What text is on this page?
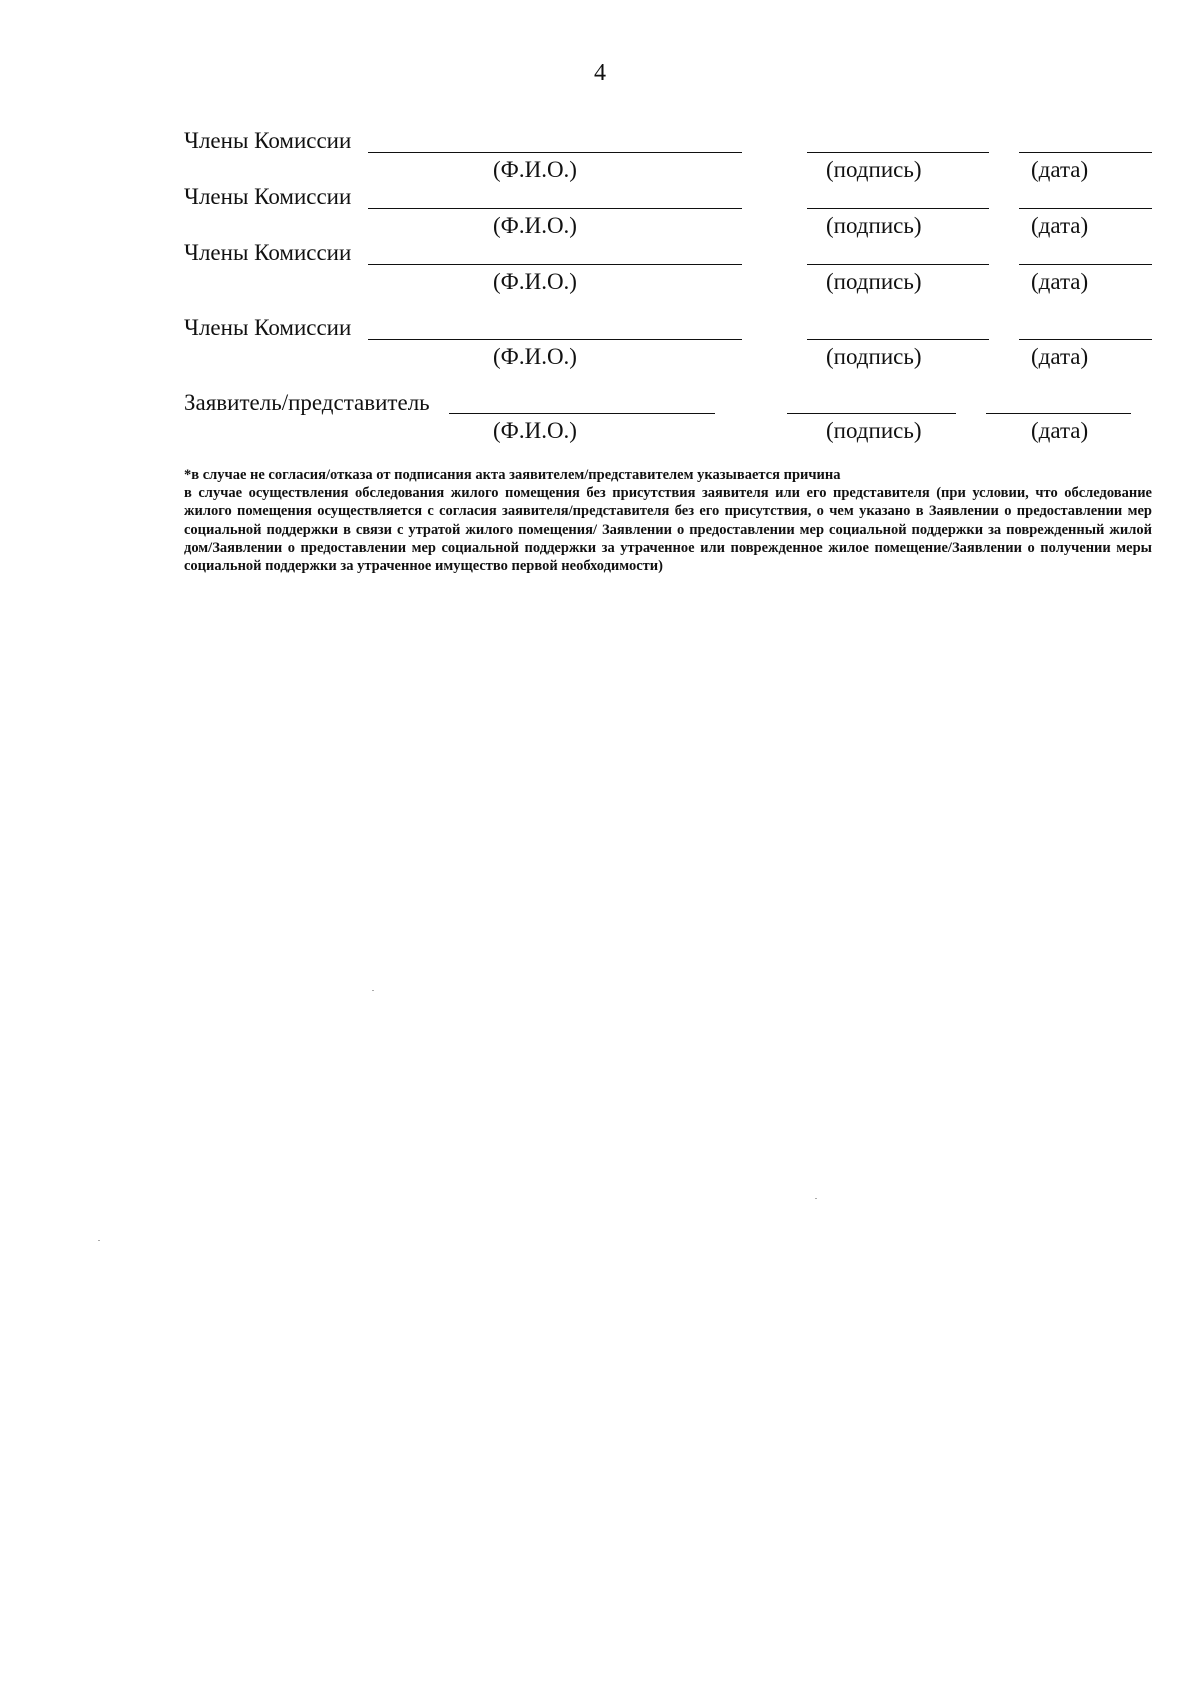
4
Члены Комиссии
(Ф.И.О.)	(подпись)	(дата)
Члены Комиссии
(Ф.И.О.)	(подпись)	(дата)
Члены Комиссии
(Ф.И.О.)	(подпись)	(дата)
Члены Комиссии
(Ф.И.О.)	(подпись)	(дата)
Заявитель/представитель
(Ф.И.О.)	(подпись)	(дата)

*в случае не согласия/отказа от подписания акта заявителем/представителем указывается причина

в случае осуществления обследования жилого помещения без присутствия заявителя или его представителя (при условии, что обследование жилого помещения осуществляется с согласия заявителя/представителя без его присутствия, о чем указано в Заявлении о предоставлении мер социальной поддержки в связи с утратой жилого помещения/ Заявлении о предоставлении мер социальной поддержки за поврежденный жилой дом/Заявлении о предоставлении мер социальной поддержки за утраченное или поврежденное жилое помещение/Заявлении о получении меры социальной поддержки за утраченное имущество первой необходимости)
